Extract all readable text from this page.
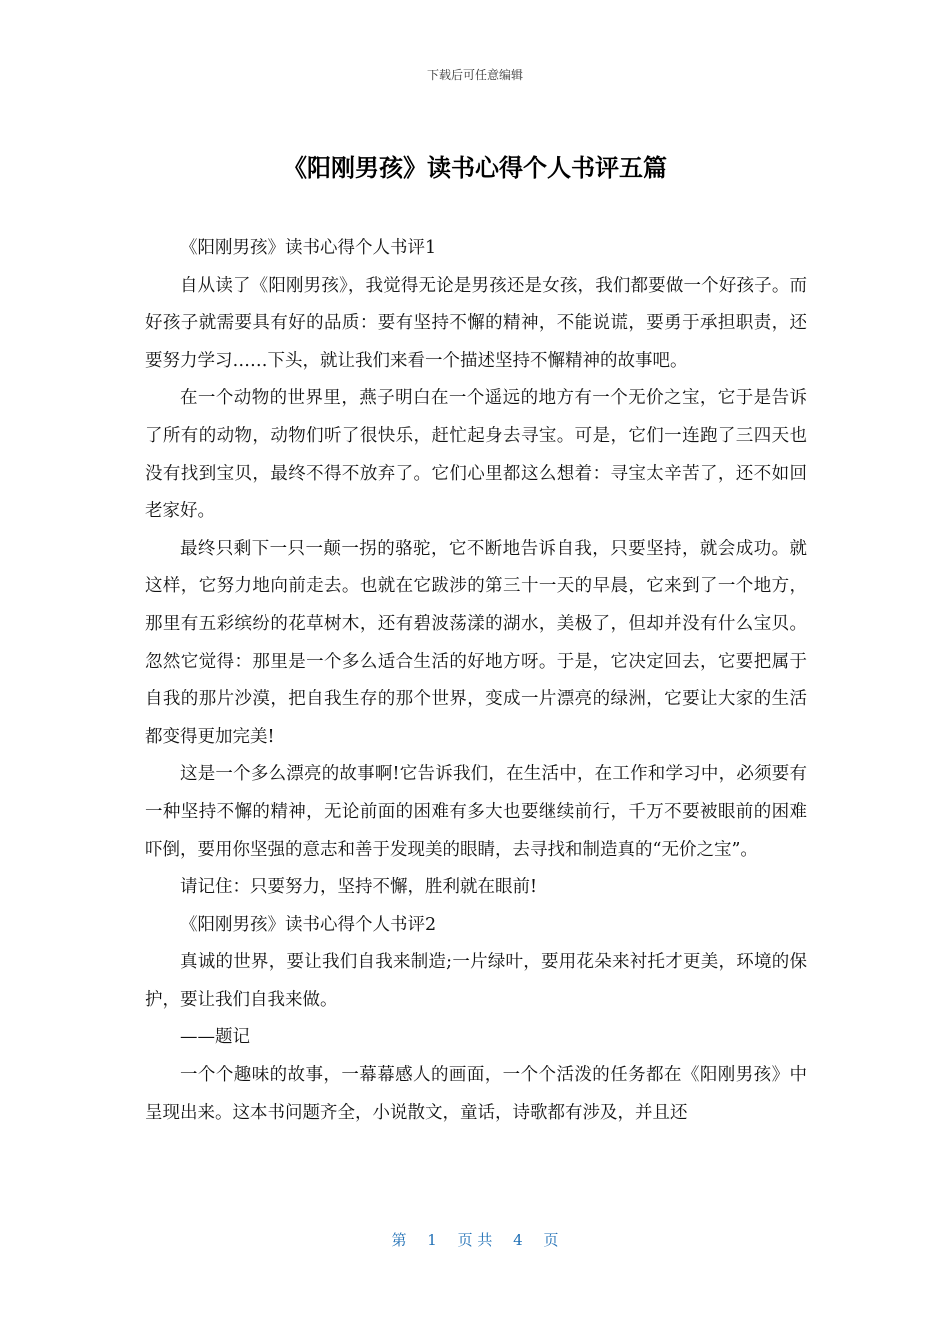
下载后可任意编辑
《阳刚男孩》读书心得个人书评五篇

《阳刚男孩》读书心得个人书评1

自从读了《阳刚男孩》，我觉得无论是男孩还是女孩，我们都要做一个好孩子。而好孩子就需要具有好的品质：要有坚持不懈的精神，不能说谎，要勇于承担职责，还要努力学习……下头，就让我们来看一个描述坚持不懈精神的故事吧。

在一个动物的世界里，燕子明白在一个遥远的地方有一个无价之宝，它于是告诉了所有的动物，动物们听了很快乐，赶忙起身去寻宝。可是，它们一连跑了三四天也没有找到宝贝，最终不得不放弃了。它们心里都这么想着：寻宝太辛苦了，还不如回老家好。

最终只剩下一只一颠一拐的骆驼，它不断地告诉自我，只要坚持，就会成功。就这样，它努力地向前走去。也就在它跋涉的第三十一天的早晨，它来到了一个地方，那里有五彩缤纷的花草树木，还有碧波荡漾的湖水，美极了，但却并没有什么宝贝。忽然它觉得：那里是一个多么适合生活的好地方呀。于是，它决定回去，它要把属于自我的那片沙漠，把自我生存的那个世界，变成一片漂亮的绿洲，它要让大家的生活都变得更加完美!

这是一个多么漂亮的故事啊!它告诉我们，在生活中，在工作和学习中，必须要有一种坚持不懈的精神，无论前面的困难有多大也要继续前行，千万不要被眼前的困难吓倒，要用你坚强的意志和善于发现美的眼睛，去寻找和制造真的“无价之宝”。

请记住：只要努力，坚持不懈，胜利就在眼前!

《阳刚男孩》读书心得个人书评2

真诚的世界，要让我们自我来制造;一片绿叶，要用花朵来衬托才更美，环境的保护，要让我们自我来做。

——题记

一个个趣味的故事，一幕幕感人的画面，一个个活泼的任务都在《阳刚男孩》中呈现出来。这本书问题齐全，小说散文，童话，诗歌都有涉及，并且还

第 1 页 共 4 页
